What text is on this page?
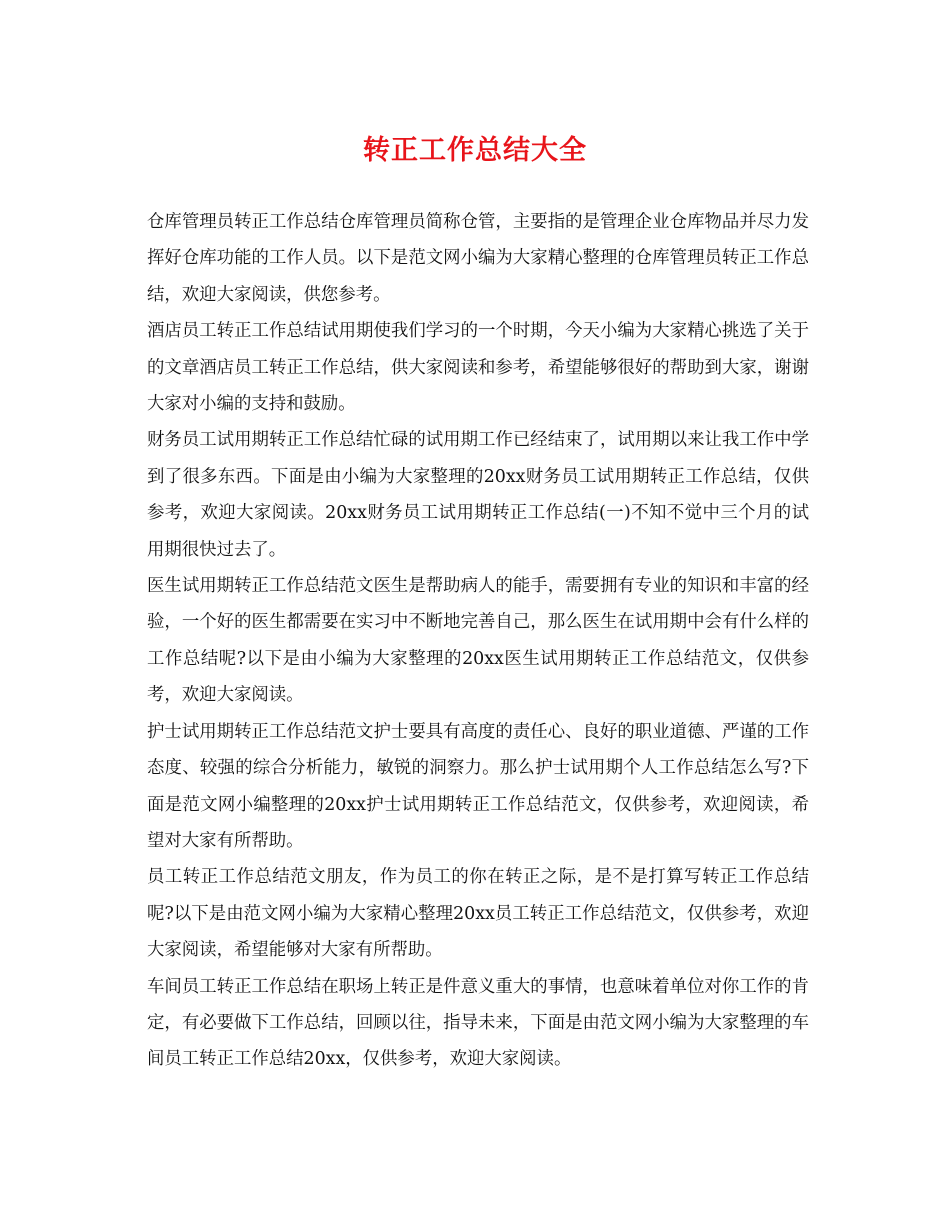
转正工作总结大全

仓库管理员转正工作总结仓库管理员简称仓管，主要指的是管理企业仓库物品并尽力发挥好仓库功能的工作人员。以下是范文网小编为大家精心整理的仓库管理员转正工作总结，欢迎大家阅读，供您参考。

酒店员工转正工作总结试用期使我们学习的一个时期，今天小编为大家精心挑选了关于的文章酒店员工转正工作总结，供大家阅读和参考，希望能够很好的帮助到大家，谢谢大家对小编的支持和鼓励。

财务员工试用期转正工作总结忙碌的试用期工作已经结束了，试用期以来让我工作中学到了很多东西。下面是由小编为大家整理的20xx财务员工试用期转正工作总结，仅供参考，欢迎大家阅读。20xx财务员工试用期转正工作总结(一)不知不觉中三个月的试用期很快过去了。

医生试用期转正工作总结范文医生是帮助病人的能手，需要拥有专业的知识和丰富的经验，一个好的医生都需要在实习中不断地完善自己，那么医生在试用期中会有什么样的工作总结呢?以下是由小编为大家整理的20xx医生试用期转正工作总结范文，仅供参考，欢迎大家阅读。

护士试用期转正工作总结范文护士要具有高度的责任心、良好的职业道德、严谨的工作态度、较强的综合分析能力，敏锐的洞察力。那么护士试用期个人工作总结怎么写?下面是范文网小编整理的20xx护士试用期转正工作总结范文，仅供参考，欢迎阅读，希望对大家有所帮助。

员工转正工作总结范文朋友，作为员工的你在转正之际，是不是打算写转正工作总结呢?以下是由范文网小编为大家精心整理20xx员工转正工作总结范文，仅供参考，欢迎大家阅读，希望能够对大家有所帮助。

车间员工转正工作总结在职场上转正是件意义重大的事情，也意味着单位对你工作的肯定，有必要做下工作总结，回顾以往，指导未来，下面是由范文网小编为大家整理的车间员工转正工作总结20xx，仅供参考，欢迎大家阅读。
